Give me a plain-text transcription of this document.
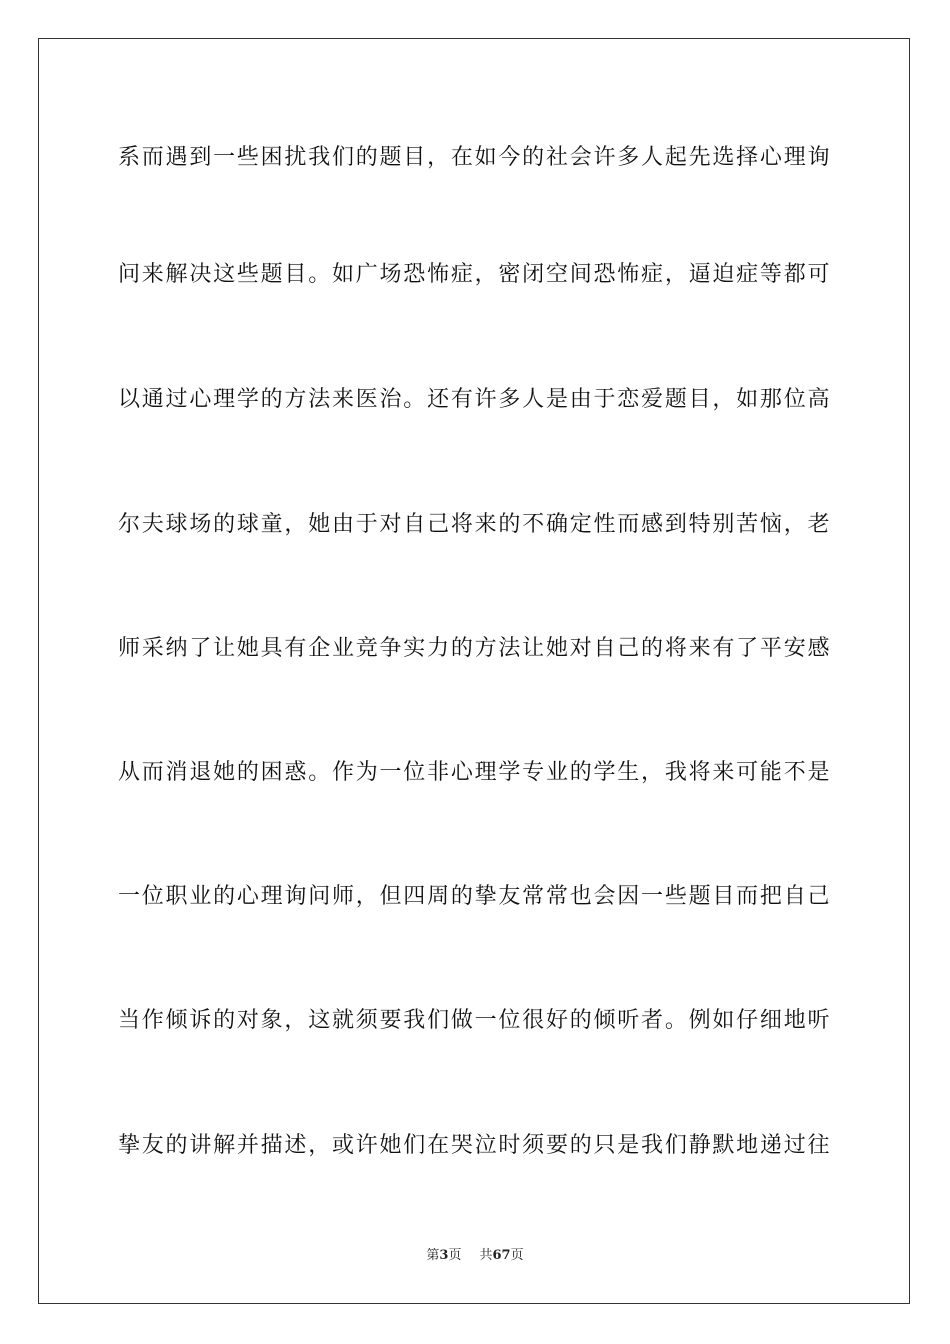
系而遇到一些困扰我们的题目，在如今的社会许多人起先选择心理询
问来解决这些题目。如广场恐怖症，密闭空间恐怖症，逼迫症等都可
以通过心理学的方法来医治。还有许多人是由于恋爱题目，如那位高
尔夫球场的球童，她由于对自己将来的不确定性而感到特别苦恼，老
师采纳了让她具有企业竞争实力的方法让她对自己的将来有了平安感
从而消退她的困惑。作为一位非心理学专业的学生，我将来可能不是
一位职业的心理询问师，但四周的挚友常常也会因一些题目而把自己
当作倾诉的对象，这就须要我们做一位很好的倾听者。例如仔细地听
挚友的讲解并描述，或许她们在哭泣时须要的只是我们静默地递过往
第3页 共67页
